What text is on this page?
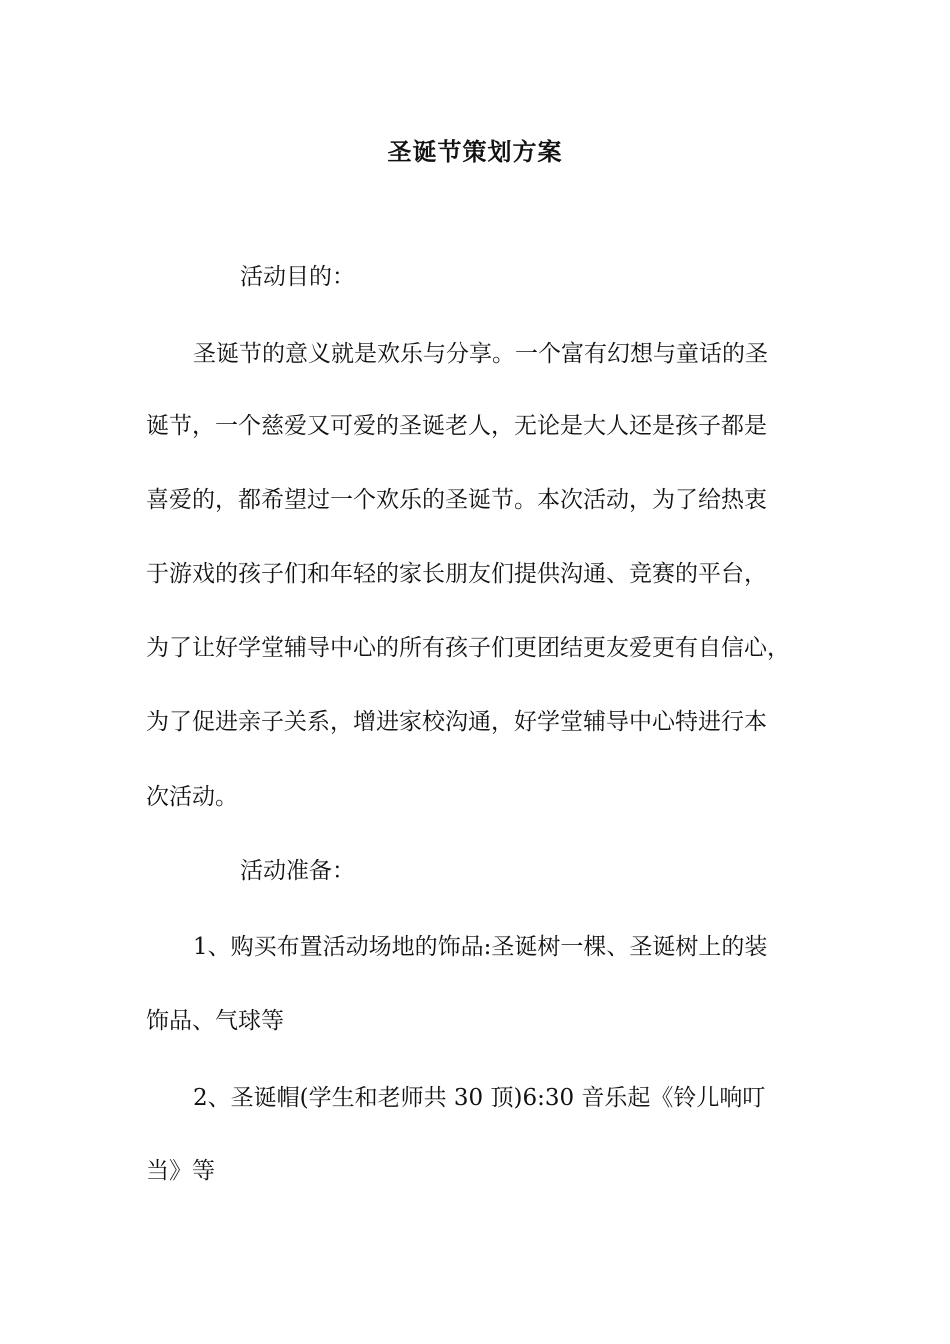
圣诞节策划方案
活动目的：
圣诞节的意义就是欢乐与分享。一个富有幻想与童话的圣
诞节，一个慈爱又可爱的圣诞老人，无论是大人还是孩子都是
喜爱的，都希望过一个欢乐的圣诞节。本次活动，为了给热衷
于游戏的孩子们和年轻的家长朋友们提供沟通、竞赛的平台，
为了让好学堂辅导中心的所有孩子们更团结更友爱更有自信心，
为了促进亲子关系，增进家校沟通，好学堂辅导中心特进行本
次活动。
活动准备：
1、购买布置活动场地的饰品:圣诞树一棵、圣诞树上的装
饰品、气球等
2、圣诞帽(学生和老师共 30 顶)6:30 音乐起《铃儿响叮
当》等
